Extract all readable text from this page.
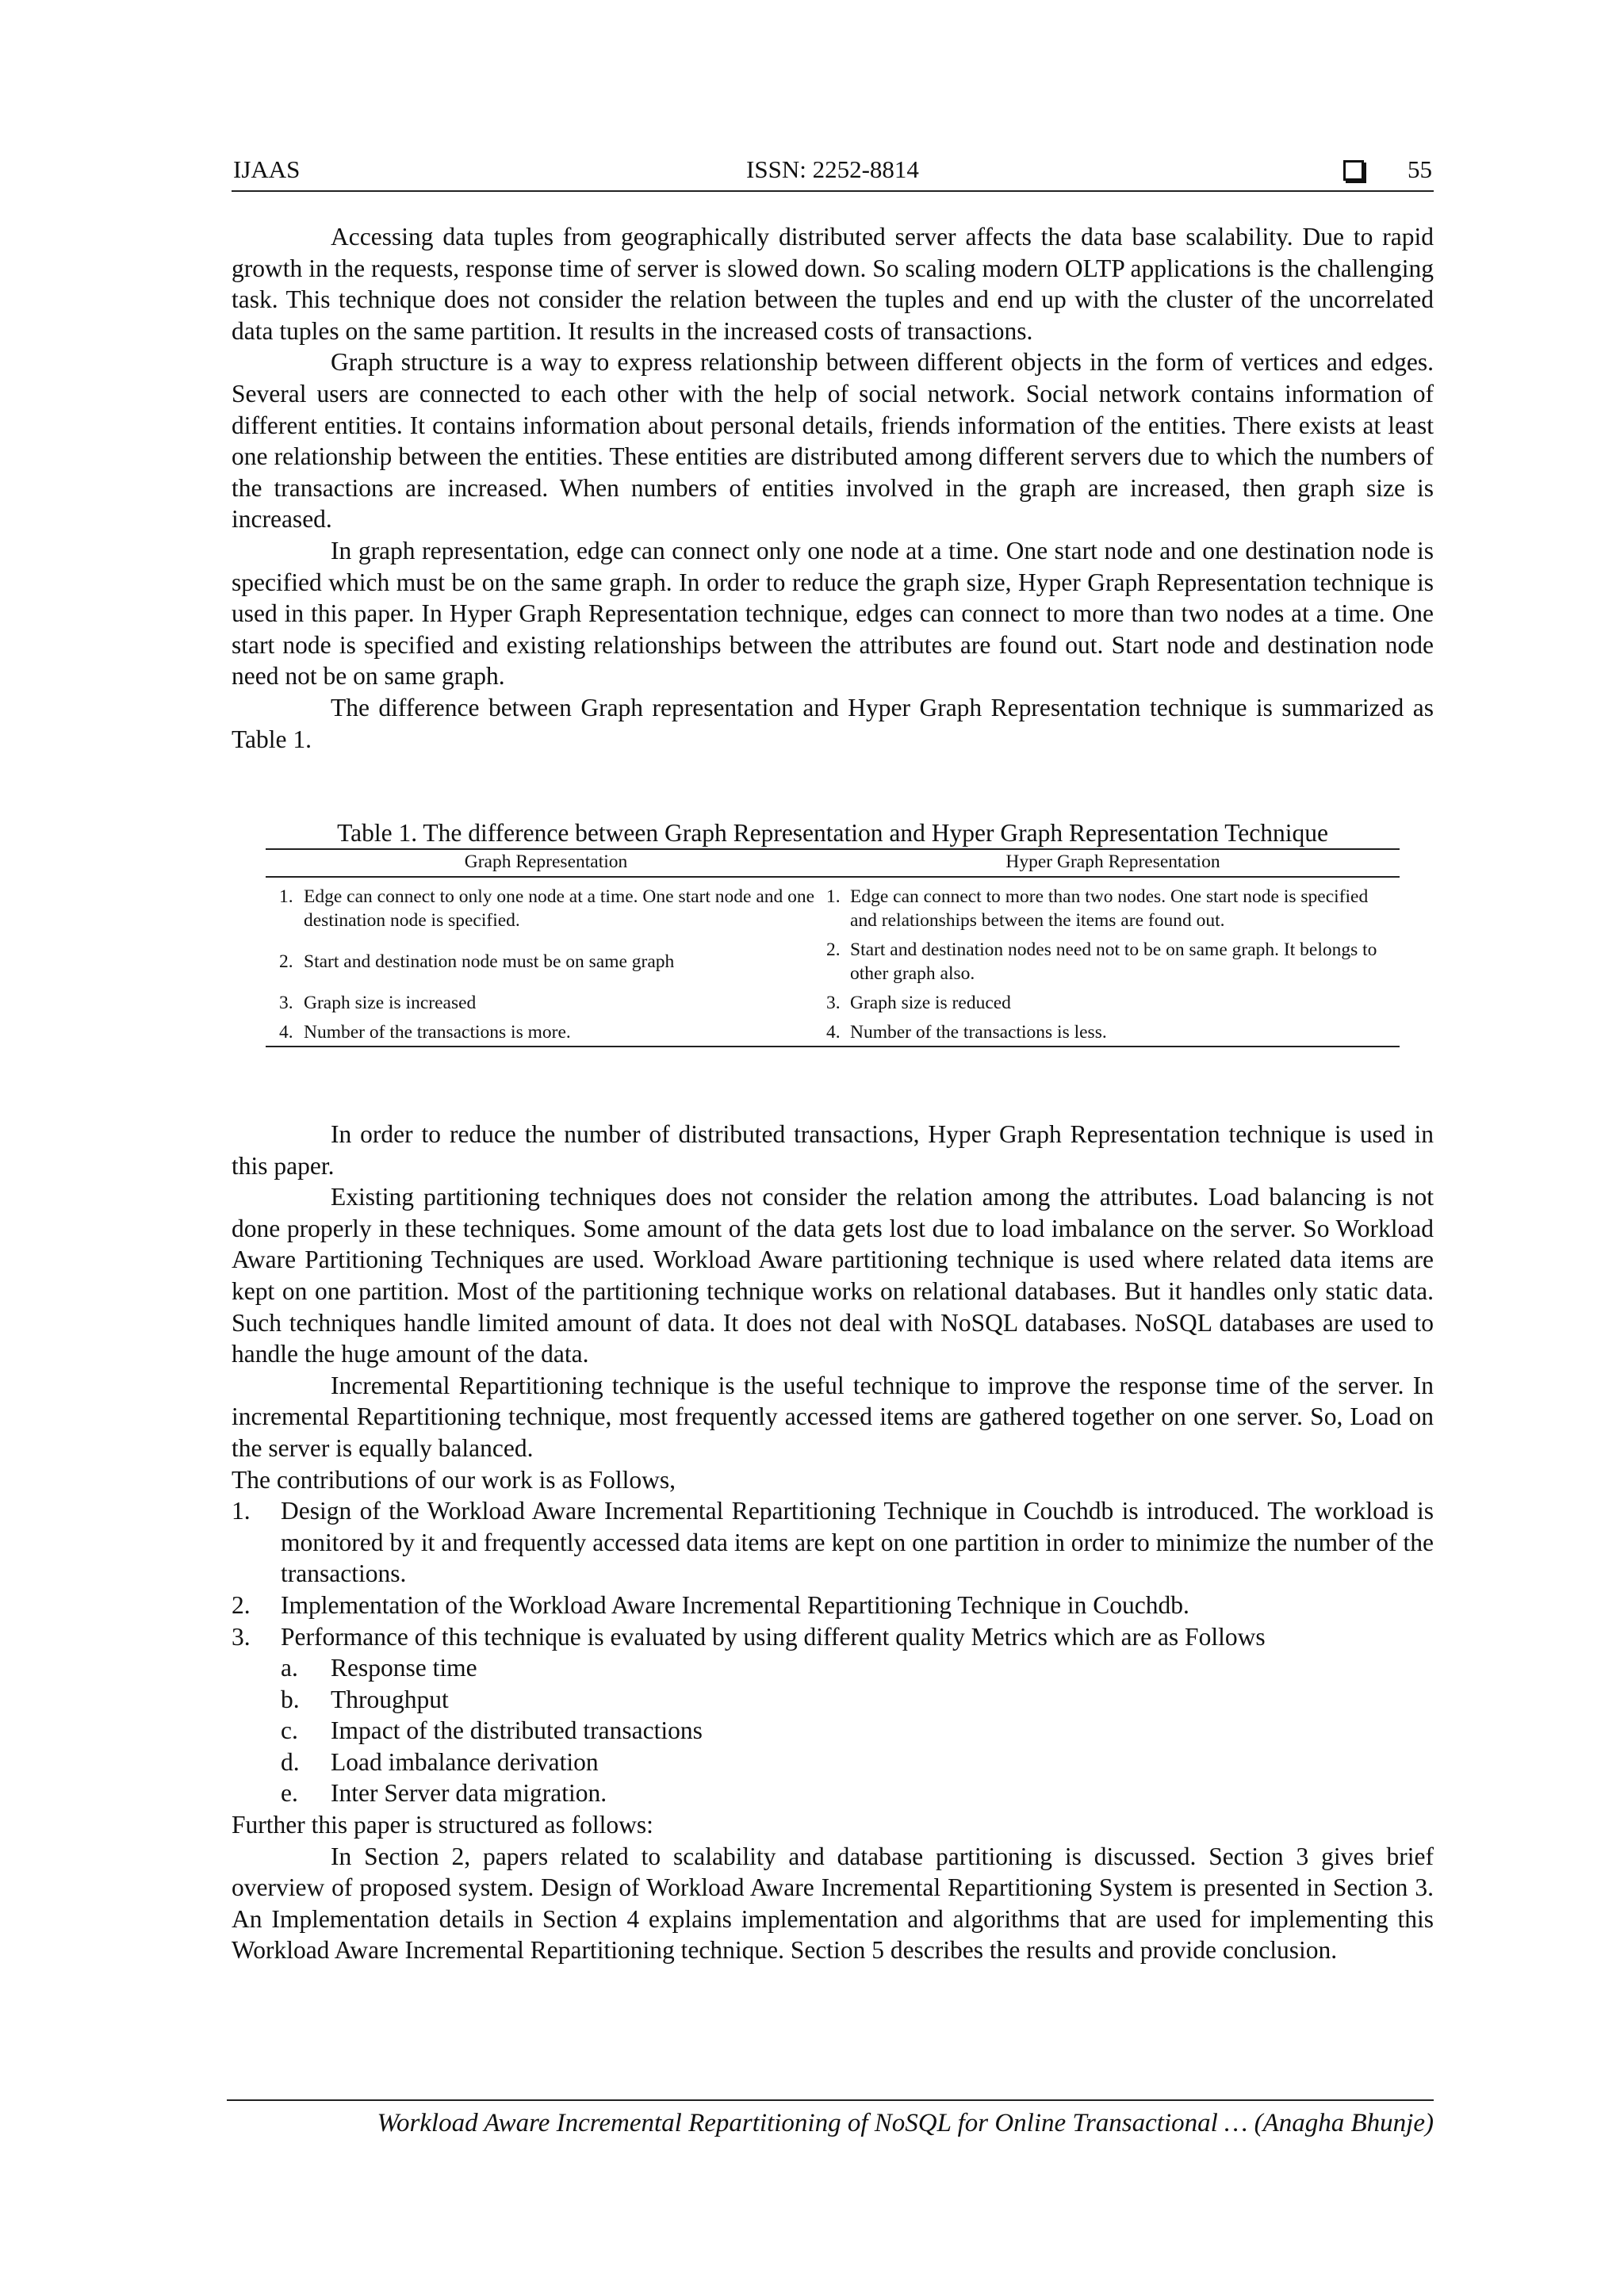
IJAAS	ISSN: 2252-8814	55

Accessing data tuples from geographically distributed server affects the data base scalability. Due to rapid growth in the requests, response time of server is slowed down. So scaling modern OLTP applications is the challenging task. This technique does not consider the relation between the tuples and end up with the cluster of the uncorrelated data tuples on the same partition. It results in the increased costs of transactions.

Graph structure is a way to express relationship between different objects in the form of vertices and edges. Several users are connected to each other with the help of social network. Social network contains information of different entities. It contains information about personal details, friends information of the entities. There exists at least one relationship between the entities. These entities are distributed among different servers due to which the numbers of the transactions are increased. When numbers of entities involved in the graph are increased, then graph size is increased.

In graph representation, edge can connect only one node at a time. One start node and one destination node is specified which must be on the same graph. In order to reduce the graph size, Hyper Graph Representation technique is used in this paper. In Hyper Graph Representation technique, edges can connect to more than two nodes at a time. One start node is specified and existing relationships between the attributes are found out. Start node and destination node need not be on same graph.

The difference between Graph representation and Hyper Graph Representation technique is summarized as Table 1.

Table 1. The difference between Graph Representation and Hyper Graph Representation Technique
Graph Representation	Hyper Graph Representation

1. Edge can connect to only one node at a time. One start node and one destination node is specified.	1. Edge can connect to more than two nodes. One start node is specified and relationships between the items are found out.

2. Start and destination node must be on same graph	2. Start and destination nodes need not to be on same graph. It belongs to other graph also.

3. Graph size is increased	3. Graph size is reduced

4. Number of the transactions is more.	4. Number of the transactions is less.

In order to reduce the number of distributed transactions, Hyper Graph Representation technique is used in this paper.

Existing partitioning techniques does not consider the relation among the attributes. Load balancing is not done properly in these techniques. Some amount of the data gets lost due to load imbalance on the server. So Workload Aware Partitioning Techniques are used. Workload Aware partitioning technique is used where related data items are kept on one partition. Most of the partitioning technique works on relational databases. But it handles only static data. Such techniques handle limited amount of data. It does not deal with NoSQL databases. NoSQL databases are used to handle the huge amount of the data.

Incremental Repartitioning technique is the useful technique to improve the response time of the server. In incremental Repartitioning technique, most frequently accessed items are gathered together on one server. So, Load on the server is equally balanced.

The contributions of our work is as Follows,

1. Design of the Workload Aware Incremental Repartitioning Technique in Couchdb is introduced. The workload is monitored by it and frequently accessed data items are kept on one partition in order to minimize the number of the transactions.
2. Implementation of the Workload Aware Incremental Repartitioning Technique in Couchdb.
3. Performance of this technique is evaluated by using different quality Metrics which are as Follows
a. Response time
b. Throughput
c. Impact of the distributed transactions
d. Load imbalance derivation
e. Inter Server data migration.

Further this paper is structured as follows:

In Section 2, papers related to scalability and database partitioning is discussed. Section 3 gives brief overview of proposed system. Design of Workload Aware Incremental Repartitioning System is presented in Section 3. An Implementation details in Section 4 explains implementation and algorithms that are used for implementing this Workload Aware Incremental Repartitioning technique. Section 5 describes the results and provide conclusion.

Workload Aware Incremental Repartitioning of NoSQL for Online Transactional … (Anagha Bhunje)
